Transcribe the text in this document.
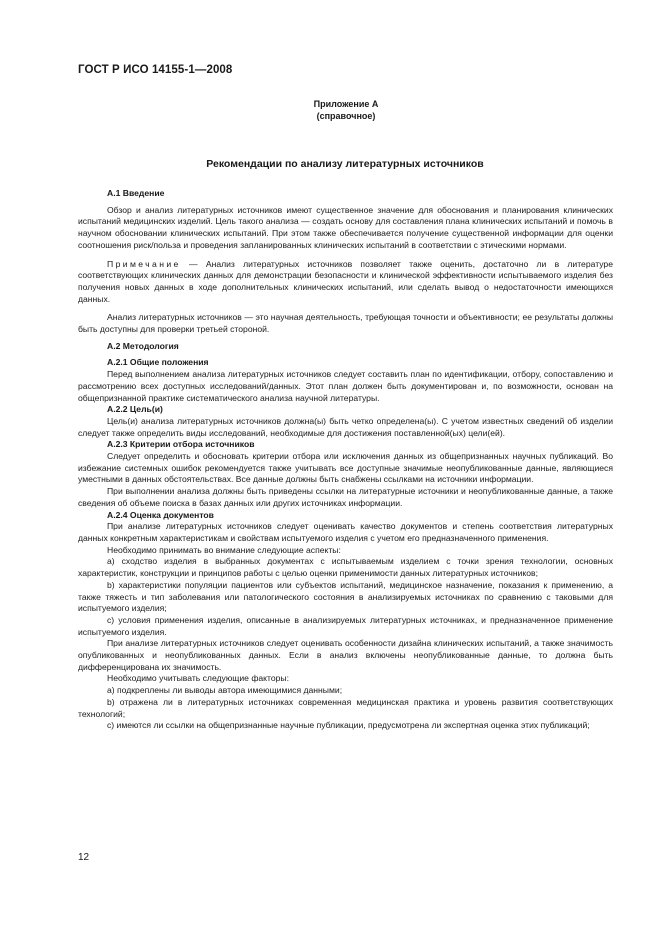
ГОСТ Р ИСО 14155-1—2008
Приложение А
(справочное)
Рекомендации по анализу литературных источников

А.1 Введение

Обзор и анализ литературных источников имеют существенное значение для обоснования и планирования клинических испытаний медицинских изделий. Цель такого анализа — создать основу для составления плана клинических испытаний и помочь в научном обосновании клинических испытаний. При этом также обеспечивается получение существенной информации для оценки соотношения риск/польза и проведения запланированных клинических испытаний в соответствии с этическими нормами.

Примечание — Анализ литературных источников позволяет также оценить, достаточно ли в литературе соответствующих клинических данных для демонстрации безопасности и клинической эффективности испытываемого изделия без получения новых данных в ходе дополнительных клинических испытаний, или сделать вывод о недостаточности имеющихся данных.

Анализ литературных источников — это научная деятельность, требующая точности и объективности; ее результаты должны быть доступны для проверки третьей стороной.

А.2 Методология

А.2.1 Общие положения

Перед выполнением анализа литературных источников следует составить план по идентификации, отбору, сопоставлению и рассмотрению всех доступных исследований/данных. Этот план должен быть документирован и, по возможности, основан на общепризнанной практике систематического анализа научной литературы.

А.2.2 Цель(и)

Цель(и) анализа литературных источников должна(ы) быть четко определена(ы). С учетом известных сведений об изделии следует также определить виды исследований, необходимые для достижения поставленной(ых) цели(ей).

А.2.3 Критерии отбора источников

Следует определить и обосновать критерии отбора или исключения данных из общепризнанных научных публикаций. Во избежание системных ошибок рекомендуется также учитывать все доступные значимые неопубликованные данные, являющиеся уместными в данных обстоятельствах. Все данные должны быть снабжены ссылками на источники информации.

При выполнении анализа должны быть приведены ссылки на литературные источники и неопубликованные данные, а также сведения об объеме поиска в базах данных или других источниках информации.

А.2.4 Оценка документов

При анализе литературных источников следует оценивать качество документов и степень соответствия литературных данных конкретным характеристикам и свойствам испытуемого изделия с учетом его предназначенного применения.

Необходимо принимать во внимание следующие аспекты:

a) сходство изделия в выбранных документах с испытываемым изделием с точки зрения технологии, основных характеристик, конструкции и принципов работы с целью оценки применимости данных литературных источников;

b) характеристики популяции пациентов или субъектов испытаний, медицинское назначение, показания к применению, а также тяжесть и тип заболевания или патологического состояния в анализируемых источниках по сравнению с таковыми для испытуемого изделия;

c) условия применения изделия, описанные в анализируемых литературных источниках, и предназначенное применение испытуемого изделия.

При анализе литературных источников следует оценивать особенности дизайна клинических испытаний, а также значимость опубликованных и неопубликованных данных. Если в анализ включены неопубликованные данные, то должна быть дифференцирована их значимость.

Необходимо учитывать следующие факторы:

a) подкреплены ли выводы автора имеющимися данными;

b) отражена ли в литературных источниках современная медицинская практика и уровень развития соответствующих технологий;

c) имеются ли ссылки на общепризнанные научные публикации, предусмотрена ли экспертная оценка этих публикаций;

12
